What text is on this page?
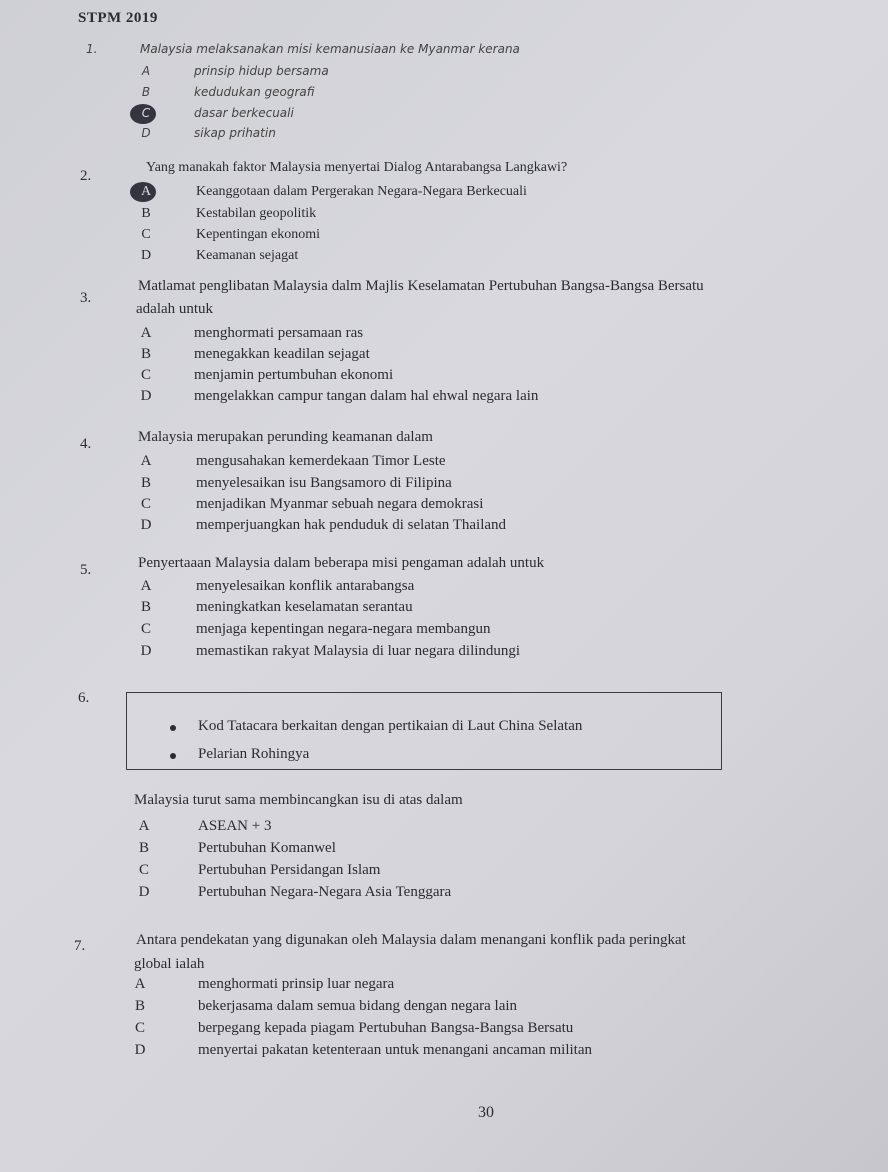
STPM 2019
1.	Malaysia melaksanakan misi kemanusiaan ke Myanmar kerana
A	prinsip hidup bersama
B	kedudukan geografi
C	dasar berkecuali
D	sikap prihatin
2.
Yang manakah faktor Malaysia menyertai Dialog Antarabangsa Langkawi?
A	Keanggotaan dalam Pergerakan Negara-Negara Berkecuali
B	Kestabilan geopolitik
C	Kepentingan ekonomi
D	Keamanan sejagat
3.
Matlamat penglibatan Malaysia dalm Majlis Keselamatan Pertubuhan Bangsa-Bangsa Bersatu
adalah untuk
A	menghormati persamaan ras
B	menegakkan keadilan sejagat
C	menjamin pertumbuhan ekonomi
D	mengelakkan campur tangan dalam hal ehwal negara lain
4.	Malaysia merupakan perunding keamanan dalam
A	mengusahakan kemerdekaan Timor Leste
B	menyelesaikan isu Bangsamoro di Filipina
C	menjadikan Myanmar sebuah negara demokrasi
D	memperjuangkan hak penduduk di selatan Thailand
5.	Penyertaaan Malaysia dalam beberapa misi pengaman adalah untuk
A	menyelesaikan konflik antarabangsa
B	meningkatkan keselamatan serantau
C	menjaga kepentingan negara-negara membangun
D	memastikan rakyat Malaysia di luar negara dilindungi
6.
Kod Tatacara berkaitan dengan pertikaian di Laut China Selatan
Pelarian Rohingya
Malaysia turut sama membincangkan isu di atas dalam
A	ASEAN + 3
B	Pertubuhan Komanwel
C	Pertubuhan Persidangan Islam
D	Pertubuhan Negara-Negara Asia Tenggara
7.	Antara pendekatan yang digunakan oleh Malaysia dalam menangani konflik pada peringkat
global ialah
A	menghormati prinsip luar negara
B	bekerjasama dalam semua bidang dengan negara lain
C	berpegang kepada piagam Pertubuhan Bangsa-Bangsa Bersatu
D	menyertai pakatan ketenteraan untuk menangani ancaman militan
30
